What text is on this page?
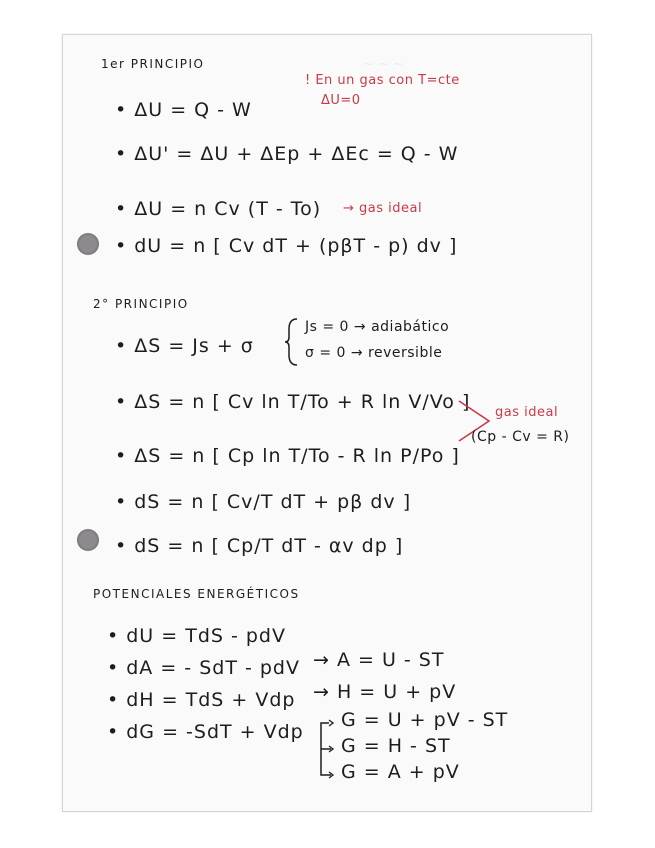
~ ~ ~
1er PRINCIPIO
! En un gas con T=cte
ΔU=0
• ΔU = Q - W
• ΔU' = ΔU + ΔEp + ΔEc = Q - W
• ΔU = n Cv (T - To) → gas ideal
• dU = n [ Cv dT + (pβT - p) dv ]
2° PRINCIPIO
• ΔS = Js + σ
Js = 0 → adiabático
σ = 0 → reversible
• ΔS = n [ Cv ln T/To + R ln V/Vo ]
• ΔS = n [ Cp ln T/To - R ln P/Po ]
gas ideal
(Cp - Cv = R)
• dS = n [ Cv/T dT + pβ dv ]
• dS = n [ Cp/T dT - αv dp ]
POTENCIALES ENERGÉTICOS
• dU = TdS - pdV
• dA = - SdT - pdV → A = U - ST
• dH = TdS + Vdp → H = U + pV
• dG = -SdT + Vdp
G = U + pV - ST
G = H - ST
G = A + pV
